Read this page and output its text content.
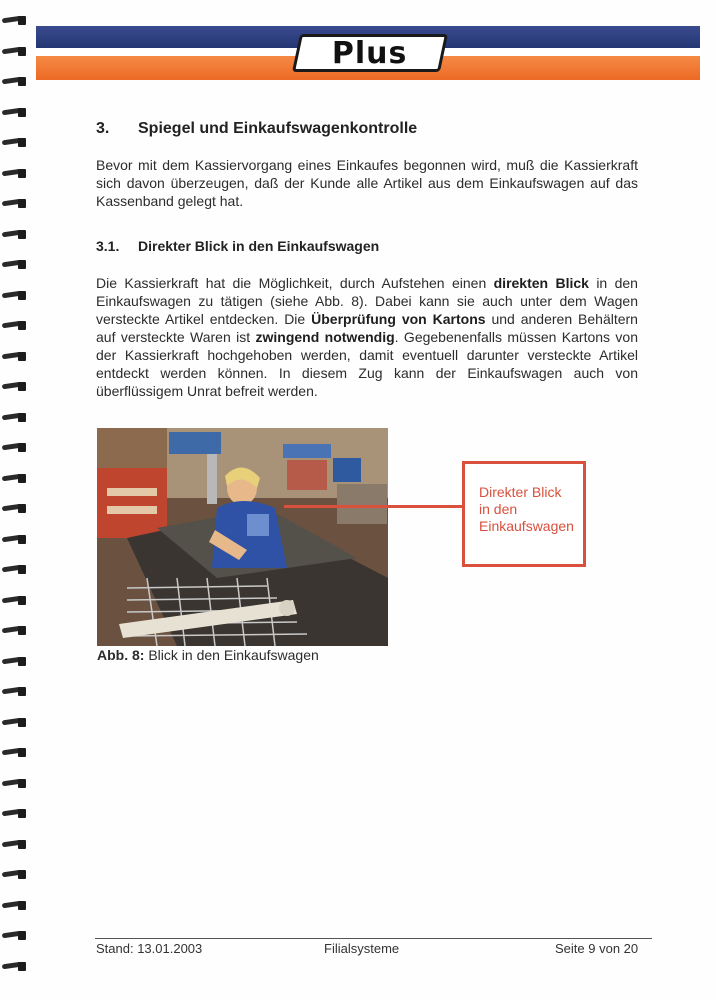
Plus
3. Spiegel und Einkaufswagenkontrolle

Bevor mit dem Kassiervorgang eines Einkaufes begonnen wird, muß die Kassierkraft sich davon überzeugen, daß der Kunde alle Artikel aus dem Einkaufswagen auf das Kassenband gelegt hat.

3.1. Direkter Blick in den Einkaufswagen

Die Kassierkraft hat die Möglichkeit, durch Aufstehen einen direkten Blick in den Einkaufswagen zu tätigen (siehe Abb. 8). Dabei kann sie auch unter dem Wagen versteckte Artikel entdecken. Die Überprüfung von Kartons und anderen Behältern auf versteckte Waren ist zwingend notwendig. Gegebenenfalls müssen Kartons von der Kassierkraft hochgehoben werden, damit eventuell darunter versteckte Artikel entdeckt werden können. In diesem Zug kann der Einkaufswagen auch von überflüssigem Unrat befreit werden.

Direkter Blick
in den
Einkaufswagen
Abb. 8: Blick in den Einkaufswagen
Stand: 13.01.2003	Filialsysteme	Seite 9 von 20
